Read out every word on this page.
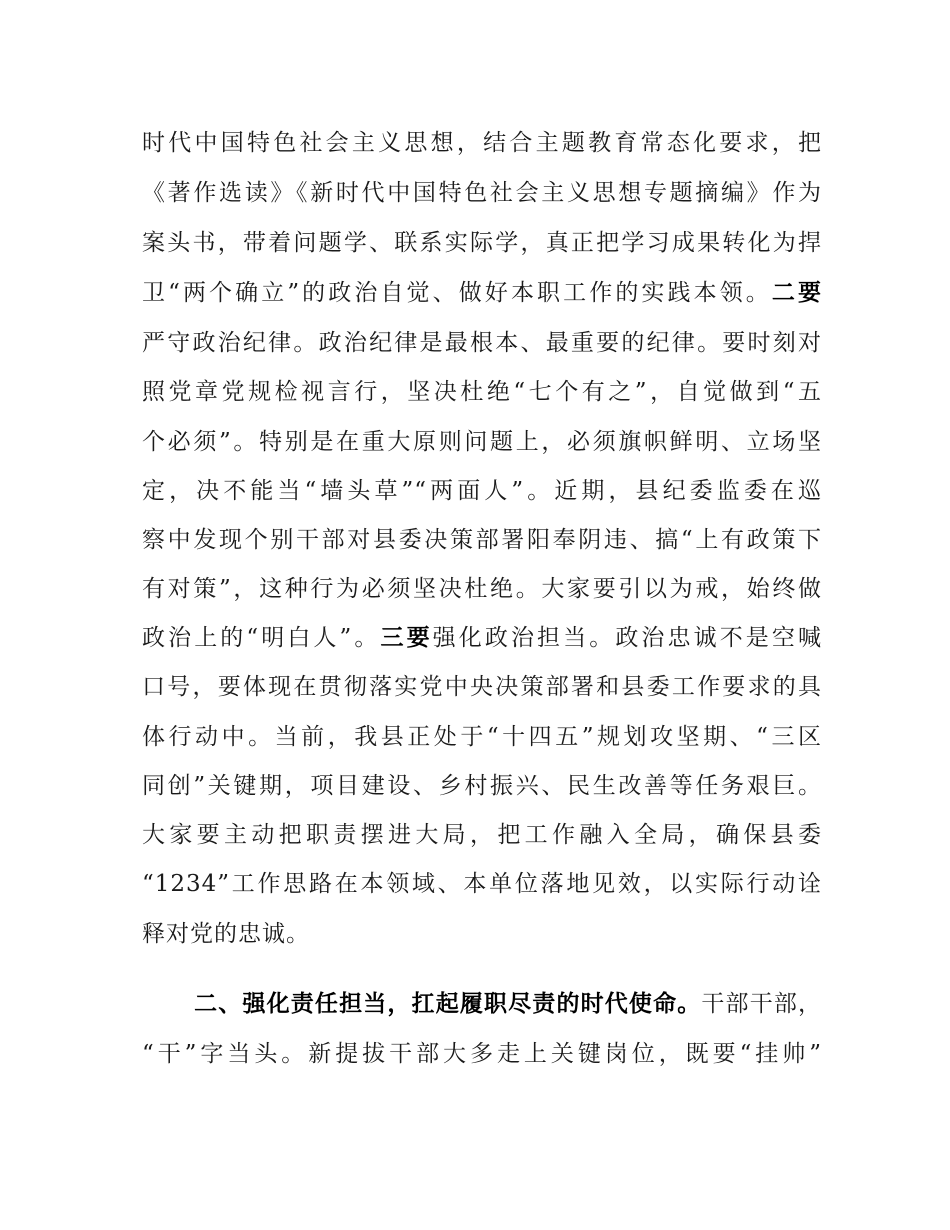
时代中国特色社会主义思想，结合主题教育常态化要求，把
《著作选读》《新时代中国特色社会主义思想专题摘编》作为
案头书，带着问题学、联系实际学，真正把学习成果转化为捍
卫“两个确立”的政治自觉、做好本职工作的实践本领。二要
严守政治纪律。政治纪律是最根本、最重要的纪律。要时刻对
照党章党规检视言行，坚决杜绝“七个有之”，自觉做到“五
个必须”。特别是在重大原则问题上，必须旗帜鲜明、立场坚
定，决不能当“墙头草”“两面人”。近期，县纪委监委在巡
察中发现个别干部对县委决策部署阳奉阴违、搞“上有政策下
有对策”，这种行为必须坚决杜绝。大家要引以为戒，始终做
政治上的“明白人”。三要强化政治担当。政治忠诚不是空喊
口号，要体现在贯彻落实党中央决策部署和县委工作要求的具
体行动中。当前，我县正处于“十四五”规划攻坚期、“三区
同创”关键期，项目建设、乡村振兴、民生改善等任务艰巨。
大家要主动把职责摆进大局，把工作融入全局，确保县委
“1234”工作思路在本领域、本单位落地见效，以实际行动诠
释对党的忠诚。
　二、强化责任担当，扛起履职尽责的时代使命。干部干部，
“干”字当头。新提拔干部大多走上关键岗位，既要“挂帅”
